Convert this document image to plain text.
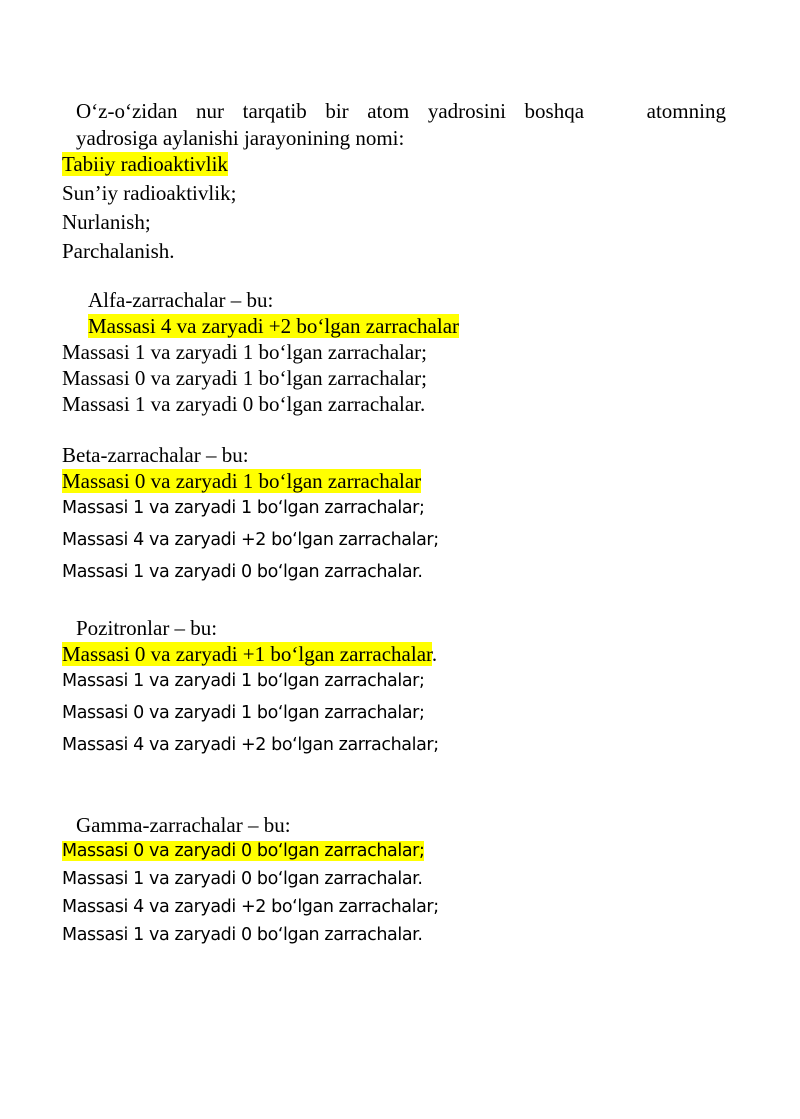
O‘z-o‘zidan nur tarqatib bir atom yadrosini boshqa	atomning
yadrosiga aylanishi jarayonining nomi:
Tabiiy radioaktivlik
Sun’iy radioaktivlik;
Nurlanish;
Parchalanish.
Alfa-zarrachalar – bu:
Massasi 4 va zaryadi +2 bo‘lgan zarrachalar
Massasi 1 va zaryadi 1 bo‘lgan zarrachalar;
Massasi 0 va zaryadi 1 bo‘lgan zarrachalar;
Massasi 1 va zaryadi 0 bo‘lgan zarrachalar.
Beta-zarrachalar – bu:
Massasi 0 va zaryadi 1 bo‘lgan zarrachalar
Massasi 1 va zaryadi 1 bo‘lgan zarrachalar;
Massasi 4 va zaryadi +2 bo‘lgan zarrachalar;
Massasi 1 va zaryadi 0 bo‘lgan zarrachalar.
Pozitronlar – bu:
Massasi 0 va zaryadi +1 bo‘lgan zarrachalar.
Massasi 1 va zaryadi 1 bo‘lgan zarrachalar;
Massasi 0 va zaryadi 1 bo‘lgan zarrachalar;
Massasi 4 va zaryadi +2 bo‘lgan zarrachalar;
Gamma-zarrachalar – bu:
Massasi 0 va zaryadi 0 bo‘lgan zarrachalar;
Massasi 1 va zaryadi 0 bo‘lgan zarrachalar.
Massasi 4 va zaryadi +2 bo‘lgan zarrachalar;
Massasi 1 va zaryadi 0 bo‘lgan zarrachalar.
